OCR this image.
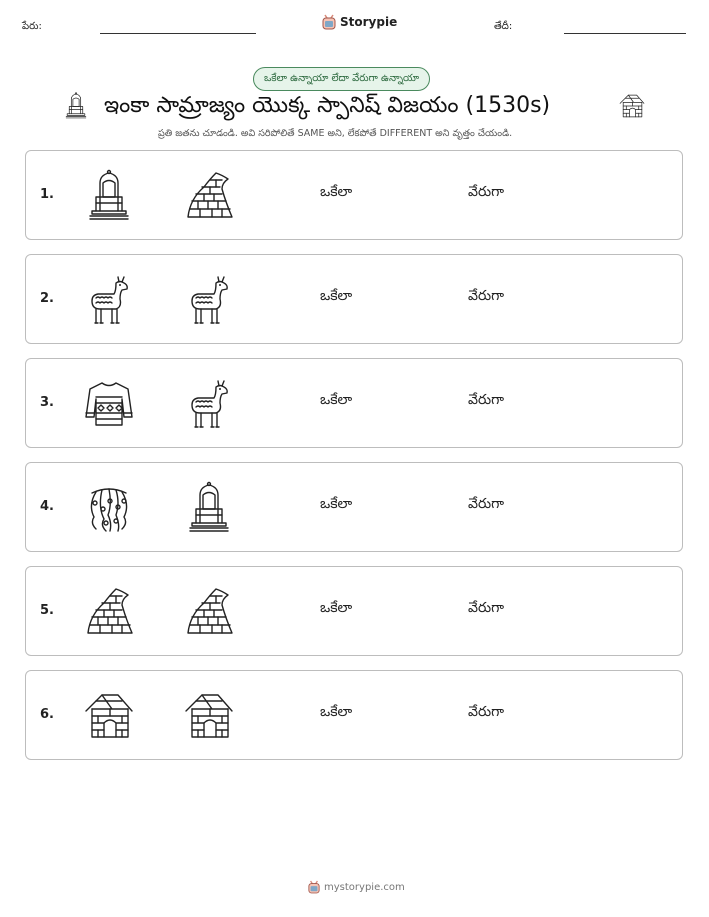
పేరు:	Storypie	తేదీ:
ఒకేలా ఉన్నాయా లేదా వేరుగా ఉన్నాయా
ఇంకా సామ్రాజ్యం యొక్క స్పానిష్ విజయం (1530s)
ప్రతి జతను చూడండి. అవి సరిపోలితే SAME అని, లేకపోతే DIFFERENT అని వృత్తం చేయండి.
1.	ఒకేలా	వేరుగా
2.	ఒకేలా	వేరుగా
3.	ఒకేలా	వేరుగా
4.	ఒకేలా	వేరుగా
5.	ఒకేలా	వేరుగా
6.	ఒకేలా	వేరుగా
mystorypie.com
